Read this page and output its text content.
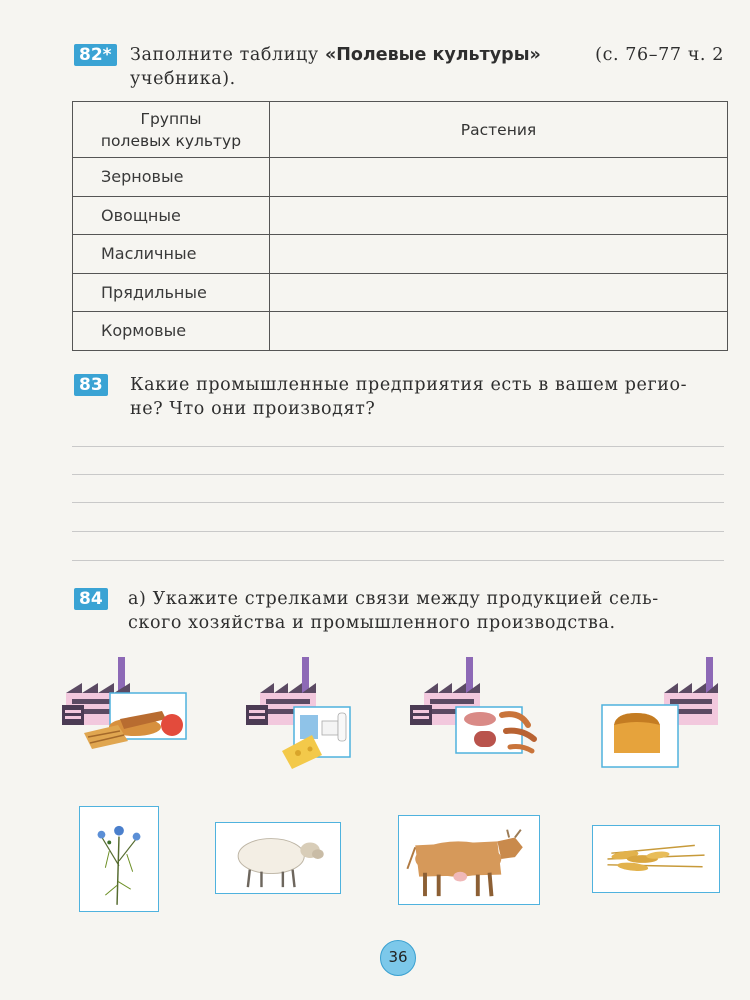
82* Заполните таблицу «Полевые культуры»	(с. 76–77 ч. 2
учебника).
Группы
полевых культур	Растения
Зерновые	
Овощные	
Масличные	
Прядильные	
Кормовые	
83 Какие промышленные предприятия есть в вашем регио-
не? Что они производят?
84 а) Укажите стрелками связи между продукцией сель-
ского хозяйства и промышленного производства.
36
